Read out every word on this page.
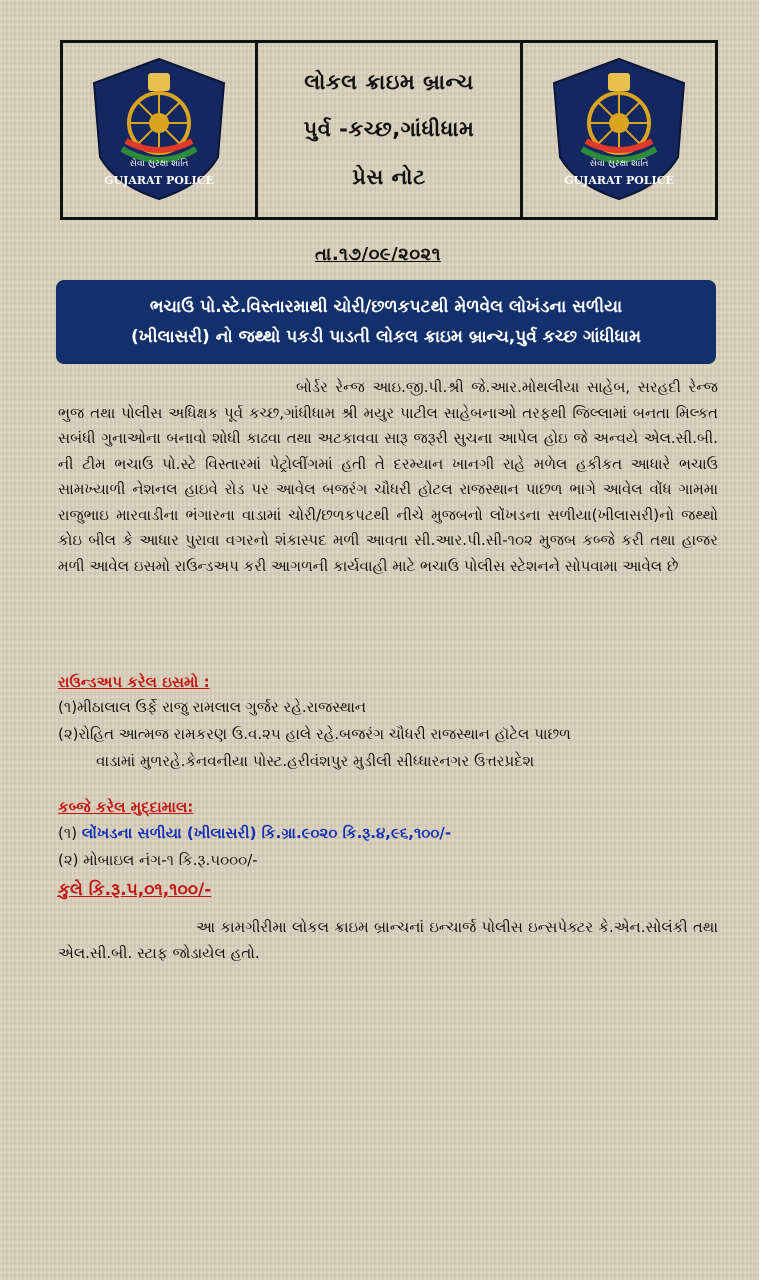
સેવા સુરક્ષા શાંતિ
GUJARAT POLICE
લોકલ ક્રાઇમ બ્રાન્ચ
પુર્વ -કચ્છ,ગાંધીધામ
પ્રેસ નોટ
સેવા સુરક્ષા શાંતિ
GUJARAT POLICE
તા.૧૭/૦૯/૨૦૨૧
ભચાઉ પો.સ્ટે.વિસ્તારમાથી ચોરી/છળકપટથી મેળવેલ લોખંડના સળીયા
(ખીલાસરી) નો જથ્થો પકડી પાડતી લોકલ ક્રાઇમ બ્રાન્ચ,પુર્વ કચ્છ ગાંધીધામ

બોર્ડર રેન્જ આઇ.જી.પી.શ્રી જે.આર.મોથલીયા સાહેબ, સરહદી રેન્જ ભુજ તથા પોલીસ અધિક્ષક પૂર્વ કચ્છ,ગાંધીધામ શ્રી મયુર પાટીલ સાહેબનાઓ તરફથી જિલ્લામાં બનતા મિલ્કત સબંધી ગુનાઓના બનાવો શોધી કાઢવા તથા અટકાવવા સારૂ જરૂરી સુચના આપેલ હોઇ જે અન્વયે એલ.સી.બી. ની ટીમ ભચાઉ પો.સ્ટે વિસ્તારમાં પેટ્રોલીંગમાં હતી તે દરમ્યાન ખાનગી રાહે મળેલ હકીકત આધારે ભચાઉ સામખ્યાળી નેશનલ હાઇવે રોડ પર આવેલ બજરંગ ચૌધરી હોટલ રાજસ્થાન પાછળ ભાગે આવેલ વોંધ ગામમા રાજુભાઇ મારવાડીના ભંગારના વાડામાં ચોરી/છળકપટથી નીચે મુજબનો લોંખડના સળીયા(ખીલાસરી)નો જથ્થો કોઇ બીલ કે આધાર પુરાવા વગરનો શંકાસ્પદ મળી આવતા સી.આર.પી.સી-૧૦૨ મુજબ કબ્જે કરી તથા હાજર મળી આવેલ ઇસમો રાઉન્ડઅપ કરી આગળની કાર્યવાહી માટે ભચાઉ પોલીસ સ્ટેશનને સોપવામા આવેલ છે

રાઉન્ડઅપ કરેલ ઇસમો :
(૧)મીઠાલાલ ઉર્ફે રાજુ રામલાલ ગુર્જર રહે.રાજસ્થાન
(૨)રોહિત આત્મજ રામકરણ ઉ.વ.૨૫ હાલે રહે.બજરંગ ચૌધરી રાજસ્થાન હૉટેલ પાછળ
વાડામાં મુળરહે.કેનવનીયા પોસ્ટ.હરીવંશપુર મુડીલી સીધ્ધારનગર ઉત્તરપ્રદેશ
કબ્જે કરેલ મુદ્દામાલ:
(૧) લોંખડના સળીયા (ખીલાસરી) કિ.ગ્રા.૯૦૨૦ કિ.રૂ.૪,૯૬,૧૦૦/-
(૨) મોબાઇલ નંગ-૧ કિ.રૂ.૫૦૦૦/-
કુલે કિ.રૂ.૫,૦૧,૧૦૦/-

આ કામગીરીમા લોકલ ક્રાઇમ બ્રાન્ચનાં ઇન્ચાર્જ પોલીસ ઇન્સપેક્ટર કે.એન.સોલંકી તથા એલ.સી.બી. સ્ટાફ જોડાયેલ હતો.
